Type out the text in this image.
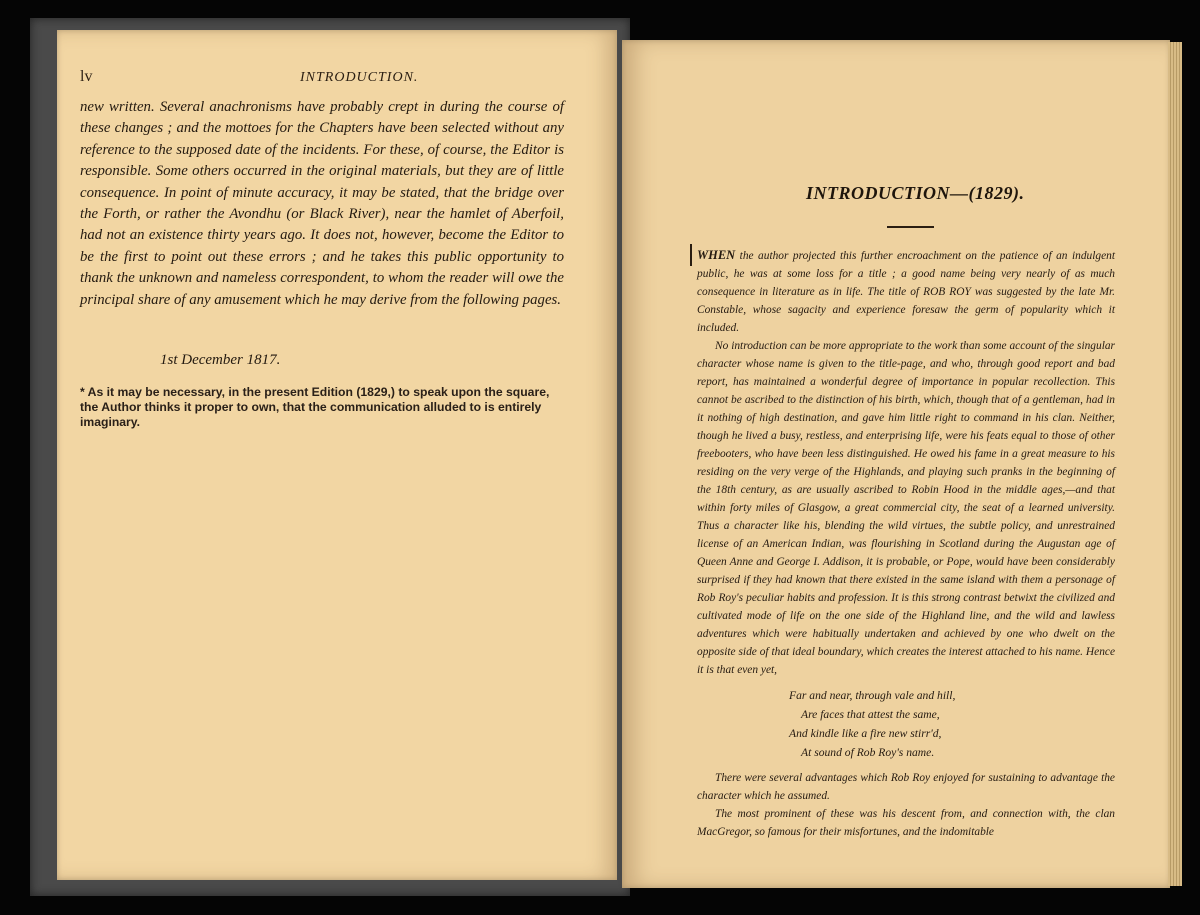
lv	INTRODUCTION.

new written. Several anachronisms have probably crept in during the course of these changes ; and the mottoes for the Chapters have been selected without any reference to the supposed date of the incidents. For these, of course, the Editor is responsible. Some others occurred in the original materials, but they are of little consequence. In point of minute accuracy, it may be stated, that the bridge over the Forth, or rather the Avondhu (or Black River), near the hamlet of Aberfoil, had not an existence thirty years ago. It does not, however, become the Editor to be the first to point out these errors ; and he takes this public opportunity to thank the unknown and nameless correspondent, to whom the reader will owe the principal share of any amusement which he may derive from the following pages.

1st December 1817.
* As it may be necessary, in the present Edition (1829,) to speak upon the square, the Author thinks it proper to own, that the communication alluded to is entirely imaginary.
INTRODUCTION—(1829).

WHEN the author projected this further encroachment on the patience of an indulgent public, he was at some loss for a title ; a good name being very nearly of as much consequence in literature as in life. The title of ROB ROY was suggested by the late Mr. Constable, whose sagacity and experience foresaw the germ of popularity which it included.

No introduction can be more appropriate to the work than some account of the singular character whose name is given to the title-page, and who, through good report and bad report, has maintained a wonderful degree of importance in popular recollection. This cannot be ascribed to the distinction of his birth, which, though that of a gentleman, had in it nothing of high destination, and gave him little right to command in his clan. Neither, though he lived a busy, restless, and enterprising life, were his feats equal to those of other freebooters, who have been less distinguished. He owed his fame in a great measure to his residing on the very verge of the Highlands, and playing such pranks in the beginning of the 18th century, as are usually ascribed to Robin Hood in the middle ages,—and that within forty miles of Glasgow, a great commercial city, the seat of a learned university. Thus a character like his, blending the wild virtues, the subtle policy, and unrestrained license of an American Indian, was flourishing in Scotland during the Augustan age of Queen Anne and George I. Addison, it is probable, or Pope, would have been considerably surprised if they had known that there existed in the same island with them a personage of Rob Roy's peculiar habits and profession. It is this strong contrast betwixt the civilized and cultivated mode of life on the one side of the Highland line, and the wild and lawless adventures which were habitually undertaken and achieved by one who dwelt on the opposite side of that ideal boundary, which creates the interest attached to his name. Hence it is that even yet,

Far and near, through vale and hill,
Are faces that attest the same,
And kindle like a fire new stirr'd,
At sound of Rob Roy's name.

There were several advantages which Rob Roy enjoyed for sustaining to advantage the character which he assumed.

The most prominent of these was his descent from, and connection with, the clan MacGregor, so famous for their misfortunes, and the indomitable
